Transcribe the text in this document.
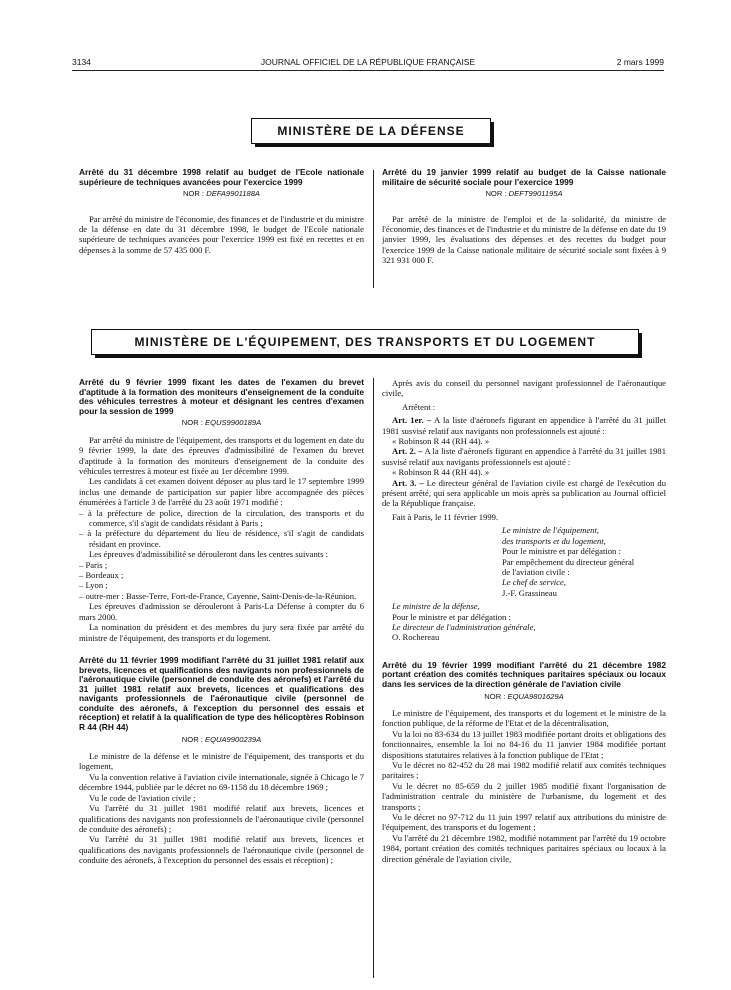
3134	JOURNAL OFFICIEL DE LA RÉPUBLIQUE FRANÇAISE	2 mars 1999
MINISTÈRE DE LA DÉFENSE
Arrêté du 31 décembre 1998 relatif au budget de l'Ecole nationale supérieure de techniques avancées pour l'exercice 1999
NOR : DEFA9901188A

Par arrêté du ministre de l'économie, des finances et de l'industrie et du ministre de la défense en date du 31 décembre 1998, le budget de l'Ecole nationale supérieure de techniques avancées pour l'exercice 1999 est fixé en recettes et en dépenses à la somme de 57 435 000 F.

Arrêté du 19 janvier 1999 relatif au budget de la Caisse nationale militaire de sécurité sociale pour l'exercice 1999
NOR : DEFT9901195A

Par arrêté de la ministre de l'emploi et de la solidarité, du ministre de l'économie, des finances et de l'industrie et du ministre de la défense en date du 19 janvier 1999, les évaluations des dépenses et des recettes du budget pour l'exercice 1999 de la Caisse nationale militaire de sécurité sociale sont fixées à 9 321 931 000 F.

MINISTÈRE DE L'ÉQUIPEMENT, DES TRANSPORTS ET DU LOGEMENT
Arrêté du 9 février 1999 fixant les dates de l'examen du brevet d'aptitude à la formation des moniteurs d'enseignement de la conduite des véhicules terrestres à moteur et désignant les centres d'examen pour la session de 1999
NOR : EQUS9900189A

Par arrêté du ministre de l'équipement, des transports et du logement en date du 9 février 1999, la date des épreuves d'admissibilité de l'examen du brevet d'aptitude à la formation des moniteurs d'enseignement de la conduite des véhicules terrestres à moteur est fixée au 1er décembre 1999.

Les candidats à cet examen doivent déposer au plus tard le 17 septembre 1999 inclus une demande de participation sur papier libre accompagnée des pièces énumérées à l'article 3 de l'arrêté du 23 août 1971 modifié :

– à la préfecture de police, direction de la circulation, des transports et du commerce, s'il s'agit de candidats résidant à Paris ;

– à la préfecture du département du lieu de résidence, s'il s'agit de candidats résidant en province.

Les épreuves d'admissibilité se dérouleront dans les centres suivants :

– Paris ;

– Bordeaux ;

– Lyon ;

– outre-mer : Basse-Terre, Fort-de-France, Cayenne, Saint-Denis-de-la-Réunion.

Les épreuves d'admission se dérouleront à Paris-La Défense à compter du 6 mars 2000.

La nomination du président et des membres du jury sera fixée par arrêté du ministre de l'équipement, des transports et du logement.

Arrêté du 11 février 1999 modifiant l'arrêté du 31 juillet 1981 relatif aux brevets, licences et qualifications des navigants non professionnels de l'aéronautique civile (personnel de conduite des aéronefs) et l'arrêté du 31 juillet 1981 relatif aux brevets, licences et qualifications des navigants professionnels de l'aéronautique civile (personnel de conduite des aéronefs, à l'exception du personnel des essais et réception) et relatif à la qualification de type des hélicoptères Robinson R 44 (RH 44)
NOR : EQUA9900239A

Le ministre de la défense et le ministre de l'équipement, des transports et du logement,

Vu la convention relative à l'aviation civile internationale, signée à Chicago le 7 décembre 1944, publiée par le décret no 69-1158 du 18 décembre 1969 ;

Vu le code de l'aviation civile ;

Vu l'arrêté du 31 juillet 1981 modifié relatif aux brevets, licences et qualifications des navigants non professionnels de l'aéronautique civile (personnel de conduite des aéronefs) ;

Vu l'arrêté du 31 juillet 1981 modifié relatif aux brevets, licences et qualifications des navigants professionnels de l'aéronautique civile (personnel de conduite des aéronefs, à l'exception du personnel des essais et réception) ;

Après avis du conseil du personnel navigant professionnel de l'aéronautique civile,

Arrêtent :

Art. 1er. – A la liste d'aéronefs figurant en appendice à l'arrêté du 31 juillet 1981 susvisé relatif aux navigants non professionnels est ajouté :

« Robinson R 44 (RH 44). »

Art. 2. – A la liste d'aéronefs figurant en appendice à l'arrêté du 31 juillet 1981 susvisé relatif aux navigants professionnels est ajouté :

« Robinson R 44 (RH 44). »

Art. 3. – Le directeur général de l'aviation civile est chargé de l'exécution du présent arrêté, qui sera applicable un mois après sa publication au Journal officiel de la République française.

Fait à Paris, le 11 février 1999.

Le ministre de l'équipement,

des transports et du logement,

Pour le ministre et par délégation :

Par empêchement du directeur général

de l'aviation civile :

Le chef de service,

J.-F. Grassineau

Le ministre de la défense,

Pour le ministre et par délégation :

Le directeur de l'administration générale,

O. Rochereau

Arrêté du 19 février 1999 modifiant l'arrêté du 21 décembre 1982 portant création des comités techniques paritaires spéciaux ou locaux dans les services de la direction générale de l'aviation civile
NOR : EQUA9801629A

Le ministre de l'équipement, des transports et du logement et le ministre de la fonction publique, de la réforme de l'Etat et de la décentralisation,

Vu la loi no 83-634 du 13 juillet 1983 modifiée portant droits et obligations des fonctionnaires, ensemble la loi no 84-16 du 11 janvier 1984 modifiée portant dispositions statutaires relatives à la fonction publique de l'Etat ;

Vu le décret no 82-452 du 28 mai 1982 modifié relatif aux comités techniques paritaires ;

Vu le décret no 85-659 du 2 juillet 1985 modifié fixant l'organisation de l'administration centrale du ministère de l'urbanisme, du logement et des transports ;

Vu le décret no 97-712 du 11 juin 1997 relatif aux attributions du ministre de l'équipement, des transports et du logement ;

Vu l'arrêté du 21 décembre 1982, modifié notamment par l'arrêté du 19 octobre 1984, portant création des comités techniques paritaires spéciaux ou locaux à la direction générale de l'aviation civile,
